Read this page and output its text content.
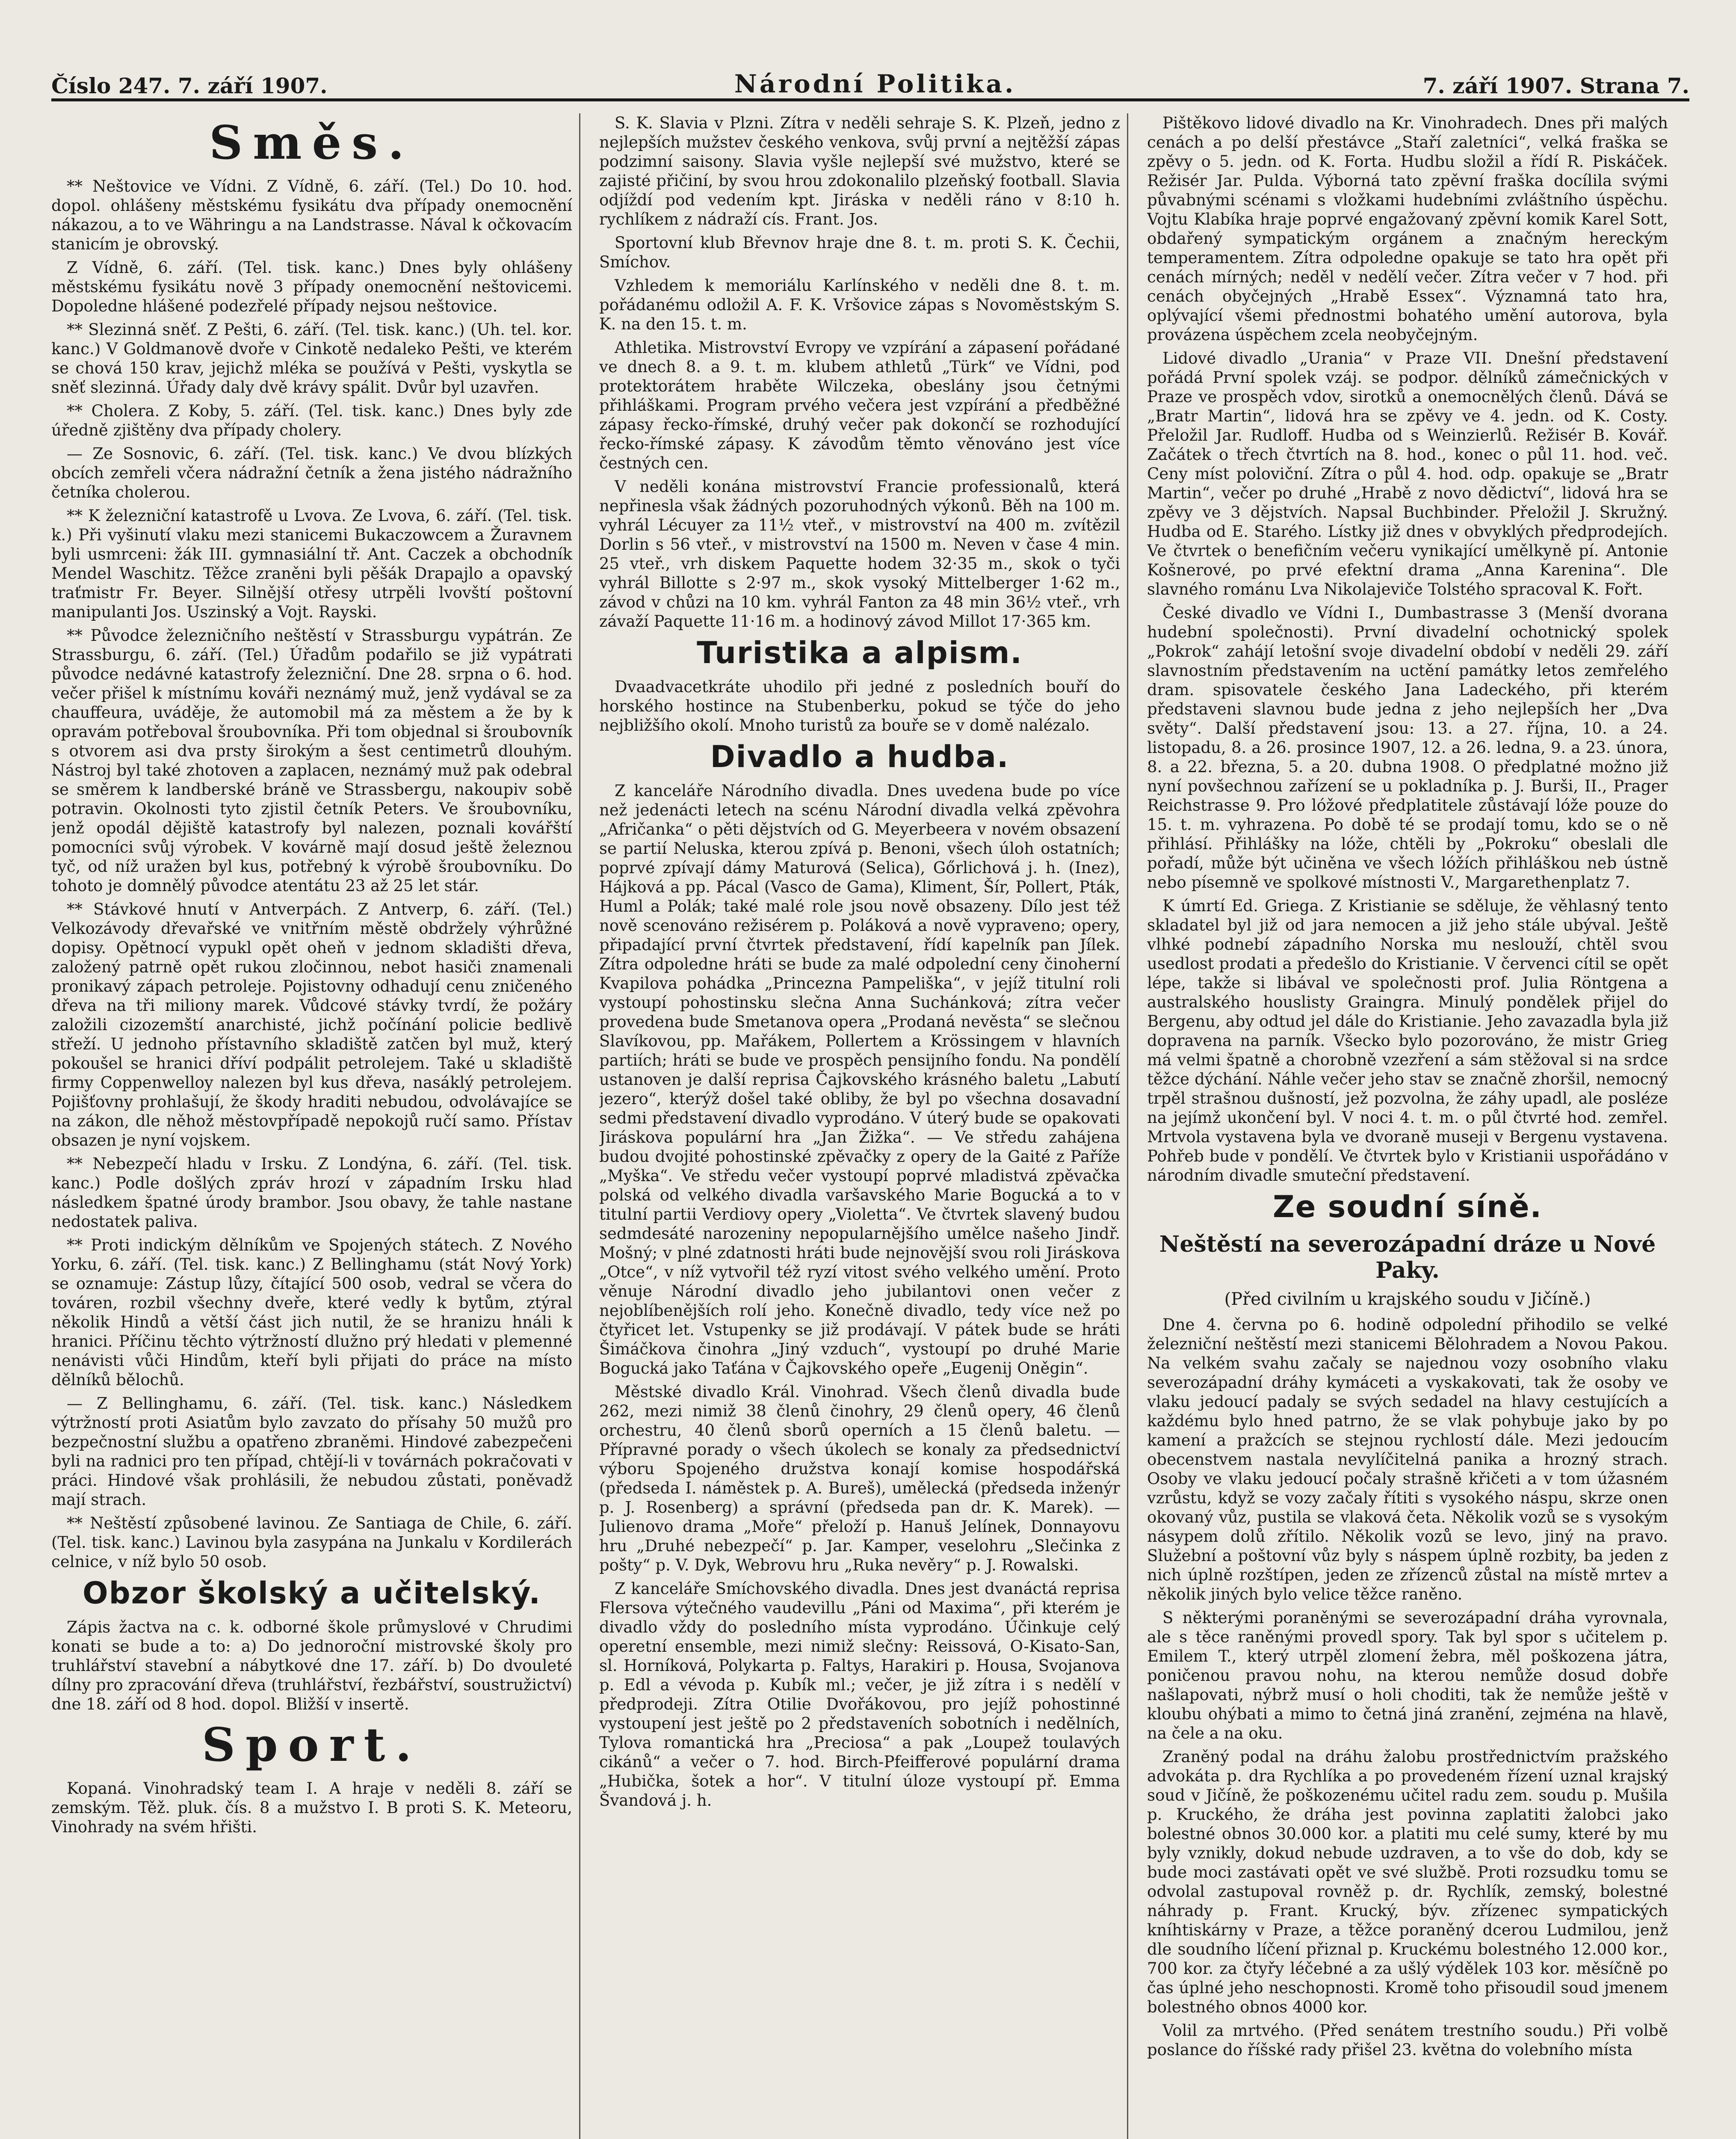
Číslo 247. 7. září 1907.	Národní Politika.	7. září 1907. Strana 7.
Směs.

** Neštovice ve Vídni. Z Vídně, 6. září. (Tel.) Do 10. hod. dopol. ohlášeny městskému fysikátu dva případy onemocnění nákazou, a to ve Währingu a na Landstrasse. Nával k očkovacím stanicím je obrovský.

Z Vídně, 6. září. (Tel. tisk. kanc.) Dnes byly ohlášeny městskému fysikátu nově 3 případy onemocnění neštovicemi. Dopoledne hlášené podezřelé případy nejsou neštovice.

** Slezinná sněť. Z Pešti, 6. září. (Tel. tisk. kanc.) (Uh. tel. kor. kanc.) V Goldmanově dvoře v Cinkotě nedaleko Pešti, ve kterém se chová 150 krav, jejichž mléka se používá v Pešti, vyskytla se sněť slezinná. Úřady daly dvě krávy spálit. Dvůr byl uzavřen.

** Cholera. Z Koby, 5. září. (Tel. tisk. kanc.) Dnes byly zde úředně zjištěny dva případy cholery.

— Ze Sosnovic, 6. září. (Tel. tisk. kanc.) Ve dvou blízkých obcích zemřeli včera nádražní četník a žena jistého nádražního četníka cholerou.

** K železniční katastrofě u Lvova. Ze Lvova, 6. září. (Tel. tisk. k.) Při vyšinutí vlaku mezi stanicemi Bukaczowcem a Žuravnem byli usmrceni: žák III. gymnasiální tř. Ant. Caczek a obchodník Mendel Waschitz. Těžce zraněni byli pěšák Drapajlo a opavský traťmistr Fr. Beyer. Silnější otřesy utrpěli lvovští poštovní manipulanti Jos. Uszinský a Vojt. Rayski.

** Původce železničního neštěstí v Strassburgu vypátrán. Ze Strassburgu, 6. září. (Tel.) Úřadům podařilo se již vypátrati původce nedávné katastrofy železniční. Dne 28. srpna o 6. hod. večer přišel k místnímu kováři neznámý muž, jenž vydával se za chauffeura, uváděje, že automobil má za městem a že by k opravám potřeboval šroubovníka. Při tom objednal si šroubovník s otvorem asi dva prsty širokým a šest centimetrů dlouhým. Nástroj byl také zhotoven a zaplacen, neznámý muž pak odebral se směrem k landberské bráně ve Strassbergu, nakoupiv sobě potravin. Okolnosti tyto zjistil četník Peters. Ve šroubovníku, jenž opodál dějiště katastrofy byl nalezen, poznali kovářští pomocníci svůj výrobek. V kovárně mají dosud ještě železnou tyč, od níž uražen byl kus, potřebný k výrobě šroubovníku. Do tohoto je domnělý původce atentátu 23 až 25 let stár.

** Stávkové hnutí v Antverpách. Z Antverp, 6. září. (Tel.) Velkozávody dřevařské ve vnitřním městě obdržely výhrůžné dopisy. Opětnocí vypukl opět oheň v jednom skladišti dřeva, založený patrně opět rukou zločinnou, nebot hasiči znamenali pronikavý zápach petroleje. Pojistovny odhadují cenu zničeného dřeva na tři miliony marek. Vůdcové stávky tvrdí, že požáry založili cizozemští anarchisté, jichž počínání policie bedlivě střeží. U jednoho přístavního skladiště zatčen byl muž, který pokoušel se hranici dříví podpálit petrolejem. Také u skladiště firmy Coppenwelloy nalezen byl kus dřeva, nasáklý petrolejem. Pojišťovny prohlašují, že škody hraditi nebudou, odvolávajíce se na zákon, dle něhož městovpřípadě nepokojů ručí samo. Přístav obsazen je nyní vojskem.

** Nebezpečí hladu v Irsku. Z Londýna, 6. září. (Tel. tisk. kanc.) Podle došlých zpráv hrozí v západním Irsku hlad následkem špatné úrody brambor. Jsou obavy, že tahle nastane nedostatek paliva.

** Proti indickým dělníkům ve Spojených státech. Z Nového Yorku, 6. září. (Tel. tisk. kanc.) Z Bellinghamu (stát Nový York) se oznamuje: Zástup lůzy, čítající 500 osob, vedral se včera do továren, rozbil všechny dveře, které vedly k bytům, ztýral několik Hindů a větší část jich nutil, že se hranizu hnáli k hranici. Příčinu těchto výtržností dlužno prý hledati v plemenné nenávisti vůči Hindům, kteří byli přijati do práce na místo dělníků bělochů.

— Z Bellinghamu, 6. září. (Tel. tisk. kanc.) Následkem výtržností proti Asiatům bylo zavzato do přísahy 50 mužů pro bezpečnostní službu a opatřeno zbraněmi. Hindové zabezpečeni byli na radnici pro ten případ, chtějí-li v továrnách pokračovati v práci. Hindové však prohlásili, že nebudou zůstati, poněvadž mají strach.

** Neštěstí způsobené lavinou. Ze Santiaga de Chile, 6. září. (Tel. tisk. kanc.) Lavinou byla zasypána na Junkalu v Kordilerách celnice, v níž bylo 50 osob.

Obzor školský a učitelský.

Zápis žactva na c. k. odborné škole průmyslové v Chrudimi konati se bude a to: a) Do jednoroční mistrovské školy pro truhlářství stavební a nábytkové dne 17. září. b) Do dvouleté dílny pro zpracování dřeva (truhlářství, řezbářství, soustružictví) dne 18. září od 8 hod. dopol. Bližší v insertě.

Sport.

Kopaná. Vinohradský team I. A hraje v neděli 8. září se zemským. Těž. pluk. čís. 8 a mužstvo I. B proti S. K. Meteoru, Vinohrady na svém hřišti.

S. K. Slavia v Plzni. Zítra v neděli sehraje S. K. Plzeň, jedno z nejlepších mužstev českého venkova, svůj první a nejtěžší zápas podzimní saisony. Slavia vyšle nejlepší své mužstvo, které se zajisté přičiní, by svou hrou zdokonalilo plzeňský football. Slavia odjíždí pod vedením kpt. Jiráska v neděli ráno v 8:10 h. rychlíkem z nádraží cís. Frant. Jos.

Sportovní klub Břevnov hraje dne 8. t. m. proti S. K. Čechii, Smíchov.

Vzhledem k memoriálu Karlínského v neděli dne 8. t. m. pořádanému odložil A. F. K. Vršovice zápas s Novoměstským S. K. na den 15. t. m.

Athletika. Mistrovství Evropy ve vzpírání a zápasení pořádané ve dnech 8. a 9. t. m. klubem athletů „Türk“ ve Vídni, pod protektorátem hraběte Wilczeka, obeslány jsou četnými přihláškami. Program prvého večera jest vzpírání a předběžné zápasy řecko-římské, druhý večer pak dokončí se rozhodující řecko-římské zápasy. K závodům těmto věnováno jest více čestných cen.

V neděli konána mistrovství Francie professionalů, která nepřinesla však žádných pozoruhodných výkonů. Běh na 100 m. vyhrál Lécuyer za 11½ vteř., v mistrovství na 400 m. zvítězil Dorlin s 56 vteř., v mistrovství na 1500 m. Neven v čase 4 min. 25 vteř., vrh diskem Paquette hodem 32·35 m., skok o tyči vyhrál Billotte s 2·97 m., skok vysoký Mittelberger 1·62 m., závod v chůzi na 10 km. vyhrál Fanton za 48 min 36½ vteř., vrh závaží Paquette 11·16 m. a hodinový závod Millot 17·365 km.

Turistika a alpism.

Dvaadvacetkráte uhodilo při jedné z posledních bouří do horského hostince na Stubenberku, pokud se týče do jeho nejbližšího okolí. Mnoho turistů za bouře se v domě nalézalo.

Divadlo a hudba.

Z kanceláře Národního divadla. Dnes uvedena bude po více než jedenácti letech na scénu Národní divadla velká zpěvohra „Afričanka“ o pěti dějstvích od G. Meyerbeera v novém obsazení se partií Neluska, kterou zpívá p. Benoni, všech úloh ostatních; poprvé zpívají dámy Maturová (Selica), Gőrlichová j. h. (Inez), Hájková a pp. Pácal (Vasco de Gama), Kliment, Šír, Pollert, Pták, Huml a Polák; také malé role jsou nově obsazeny. Dílo jest též nově scenováno režisérem p. Poláková a nově vypraveno; opery, připadající první čtvrtek představení, řídí kapelník pan Jílek. Zítra odpoledne hráti se bude za malé odpolední ceny činoherní Kvapilova pohádka „Princezna Pampeliška“, v jejíž titulní roli vystoupí pohostinsku slečna Anna Suchánková; zítra večer provedena bude Smetanova opera „Prodaná nevěsta“ se slečnou Slavíkovou, pp. Mařákem, Pollertem a Krössingem v hlavních partiích; hráti se bude ve prospěch pensijního fondu. Na pondělí ustanoven je další reprisa Čajkovského krásného baletu „Labutí jezero“, kterýž došel také obliby, že byl po všechna dosavadní sedmi představení divadlo vyprodáno. V úterý bude se opakovati Jiráskova populární hra „Jan Žižka“. — Ve středu zahájena budou dvojité pohostinské zpěvačky z opery de la Gaité z Paříže „Myška“. Ve středu večer vystoupí poprvé mladistvá zpěvačka polská od velkého divadla varšavského Marie Bogucká a to v titulní partii Verdiovy opery „Violetta“. Ve čtvrtek slavený budou sedmdesáté narozeniny nepopularnějšího umělce našeho Jindř. Mošný; v plné zdatnosti hráti bude nejnovější svou roli Jiráskova „Otce“, v níž vytvořil též ryzí vitost svého velkého umění. Proto věnuje Národní divadlo jeho jubilantovi onen večer z nejoblíbenějších rolí jeho. Konečně divadlo, tedy více než po čtyřicet let. Vstupenky se již prodávají. V pátek bude se hráti Šimáčkova činohra „Jiný vzduch“, vystoupí po druhé Marie Bogucká jako Taťána v Čajkovského opeře „Eugenij Oněgin“.

Městské divadlo Král. Vinohrad. Všech členů divadla bude 262, mezi nimiž 38 členů činohry, 29 členů opery, 46 členů orchestru, 40 členů sborů operních a 15 členů baletu. — Přípravné porady o všech úkolech se konaly za předsednictví výboru Spojeného družstva konají komise hospodářská (předseda I. náměstek p. A. Bureš), umělecká (předseda inženýr p. J. Rosenberg) a správní (předseda pan dr. K. Marek). — Julienovo drama „Moře“ přeloží p. Hanuš Jelínek, Donnayovu hru „Druhé nebezpečí“ p. Jar. Kamper, veselohru „Slečinka z pošty“ p. V. Dyk, Webrovu hru „Ruka nevěry“ p. J. Rowalski.

Z kanceláře Smíchovského divadla. Dnes jest dvanáctá reprisa Flersova výtečného vaudevillu „Páni od Maxima“, při kterém je divadlo vždy do posledního místa vyprodáno. Účinkuje celý operetní ensemble, mezi nimiž slečny: Reissová, O-Kisato-San, sl. Horníková, Polykarta p. Faltys, Harakiri p. Housa, Svojanova p. Edl a vévoda p. Kubík ml.; večer, je již zítra i s nedělí v předprodeji. Zítra Otilie Dvořákovou, pro jejíž pohostinné vystoupení jest ještě po 2 představeních sobotních i nedělních, Tylova romantická hra „Preciosa“ a pak „Loupež toulavých cikánů“ a večer o 7. hod. Birch-Pfeifferové populární drama „Hubička, šotek a hor“. V titulní úloze vystoupí př. Emma Švandová j. h.

Pištěkovo lidové divadlo na Kr. Vinohradech. Dnes při malých cenách a po delší přestávce „Staří zaletníci“, velká fraška se zpěvy o 5. jedn. od K. Forta. Hudbu složil a řídí R. Piskáček. Režisér Jar. Pulda. Výborná tato zpěvní fraška docílila svými půvabnými scénami s vložkami hudebními zvláštního úspěchu. Vojtu Klabíka hraje poprvé engažovaný zpěvní komik Karel Sott, obdařený sympatickým orgánem a značným hereckým temperamentem. Zítra odpoledne opakuje se tato hra opět při cenách mírných; neděl v nedělí večer. Zítra večer v 7 hod. při cenách obyčejných „Hrabě Essex“. Významná tato hra, oplývající všemi přednostmi bohatého umění autorova, byla provázena úspěchem zcela neobyčejným.

Lidové divadlo „Urania“ v Praze VII. Dnešní představení pořádá První spolek vzáj. se podpor. dělníků zámečnických v Praze ve prospěch vdov, sirotků a onemocnělých členů. Dává se „Bratr Martin“, lidová hra se zpěvy ve 4. jedn. od K. Costy. Přeložil Jar. Rudloff. Hudba od s Weinzierlů. Režisér B. Kovář. Začátek o třech čtvrtích na 8. hod., konec o půl 11. hod. več. Ceny míst poloviční. Zítra o půl 4. hod. odp. opakuje se „Bratr Martin“, večer po druhé „Hrabě z novo dědictví“, lidová hra se zpěvy ve 3 dějstvích. Napsal Buchbinder. Přeložil J. Skružný. Hudba od E. Starého. Lístky již dnes v obvyklých předprodejích. Ve čtvrtek o benefičním večeru vynikající umělkyně pí. Antonie Košnerové, po prvé efektní drama „Anna Karenina“. Dle slavného románu Lva Nikolajeviče Tolstého spracoval K. Fořt.

České divadlo ve Vídni I., Dumbastrasse 3 (Menší dvorana hudební společnosti). První divadelní ochotnický spolek „Pokrok“ zahájí letošní svoje divadelní období v neděli 29. září slavnostním představením na uctění památky letos zemřelého dram. spisovatele českého Jana Ladeckého, při kterém představeni slavnou bude jedna z jeho nejlepších her „Dva světy“. Další představení jsou: 13. a 27. října, 10. a 24. listopadu, 8. a 26. prosince 1907, 12. a 26. ledna, 9. a 23. února, 8. a 22. března, 5. a 20. dubna 1908. O předplatné možno již nyní povšechnou zařízení se u pokladníka p. J. Burši, II., Prager Reichstrasse 9. Pro lóžové předplatitele zůstávají lóže pouze do 15. t. m. vyhrazena. Po době té se prodají tomu, kdo se o ně přihlásí. Přihlášky na lóže, chtěli by „Pokroku“ obeslali dle pořadí, může být učiněna ve všech lóžích přihláškou neb ústně nebo písemně ve spolkové místnosti V., Margarethenplatz 7.

K úmrtí Ed. Griega. Z Kristianie se sděluje, že věhlasný tento skladatel byl již od jara nemocen a již jeho stále ubýval. Ještě vlhké podnebí západního Norska mu neslouží, chtěl svou usedlost prodati a předešlo do Kristianie. V červenci cítil se opět lépe, takže si libával ve společnosti prof. Julia Röntgena a australského houslisty Graingra. Minulý pondělek přijel do Bergenu, aby odtud jel dále do Kristianie. Jeho zavazadla byla již dopravena na parník. Všecko bylo pozorováno, že mistr Grieg má velmi špatně a chorobně vzezření a sám stěžoval si na srdce těžce dýchání. Náhle večer jeho stav se značně zhoršil, nemocný trpěl strašnou dušností, jež pozvolna, že záhy upadl, ale posléze na jejímž ukončení byl. V noci 4. t. m. o půl čtvrté hod. zemřel. Mrtvola vystavena byla ve dvoraně museji v Bergenu vystavena. Pohřeb bude v pondělí. Ve čtvrtek bylo v Kristianii uspořádáno v národním divadle smuteční představení.

Ze soudní síně.
Neštěstí na severozápadní dráze u Nové Paky.
(Před civilním u krajského soudu v Jičíně.)

Dne 4. června po 6. hodině odpolední přihodilo se velké železniční neštěstí mezi stanicemi Bělohradem a Novou Pakou. Na velkém svahu začaly se najednou vozy osobního vlaku severozápadní dráhy kymáceti a vyskakovati, tak že osoby ve vlaku jedoucí padaly se svých sedadel na hlavy cestujících a každému bylo hned patrno, že se vlak pohybuje jako by po kamení a pražcích se stejnou rychlostí dále. Mezi jedoucím obecenstvem nastala nevylíčitelná panika a hrozný strach. Osoby ve vlaku jedoucí počaly strašně křičeti a v tom úžasném vzrůstu, když se vozy začaly řítiti s vysokého náspu, skrze onen okovaný vůz, pustila se vlaková četa. Několik vozů se s vysokým násypem dolů zřítilo. Několik vozů se levo, jiný na pravo. Služební a poštovní vůz byly s náspem úplně rozbity, ba jeden z nich úplně rozštípen, jeden ze zřízenců zůstal na místě mrtev a několik jiných bylo velice těžce raněno.

S některými poraněnými se severozápadní dráha vyrovnala, ale s těce raněnými provedl spory. Tak byl spor s učitelem p. Emilem T., který utrpěl zlomení žebra, měl poškozena játra, poničenou pravou nohu, na kterou nemůže dosud dobře našlapovati, nýbrž musí o holi choditi, tak že nemůže ještě v kloubu ohýbati a mimo to četná jiná zranění, zejména na hlavě, na čele a na oku.

Zraněný podal na dráhu žalobu prostřednictvím pražského advokáta p. dra Rychlíka a po provedeném řízení uznal krajský soud v Jičíně, že poškozenému učitel radu zem. soudu p. Mušila p. Kruckého, že dráha jest povinna zaplatiti žalobci jako bolestné obnos 30.000 kor. a platiti mu celé sumy, které by mu byly vznikly, dokud nebude uzdraven, a to vše do dob, kdy se bude moci zastávati opět ve své službě. Proti rozsudku tomu se odvolal zastupoval rovněž p. dr. Rychlík, zemský, bolestné náhrady p. Frant. Krucký, býv. zřízenec sympatických kníhtiskárny v Praze, a těžce poraněný dcerou Ludmilou, jenž dle soudního líčení přiznal p. Kruckému bolestného 12.000 kor., 700 kor. za čtyřy léčebné a za ušlý výdělek 103 kor. měsíčně po čas úplné jeho neschopnosti. Kromě toho přisoudil soud jmenem bolestného obnos 4000 kor.

Volil za mrtvého. (Před senátem trestního soudu.) Při volbě poslance do říšské rady přišel 23. května do volebního místa
